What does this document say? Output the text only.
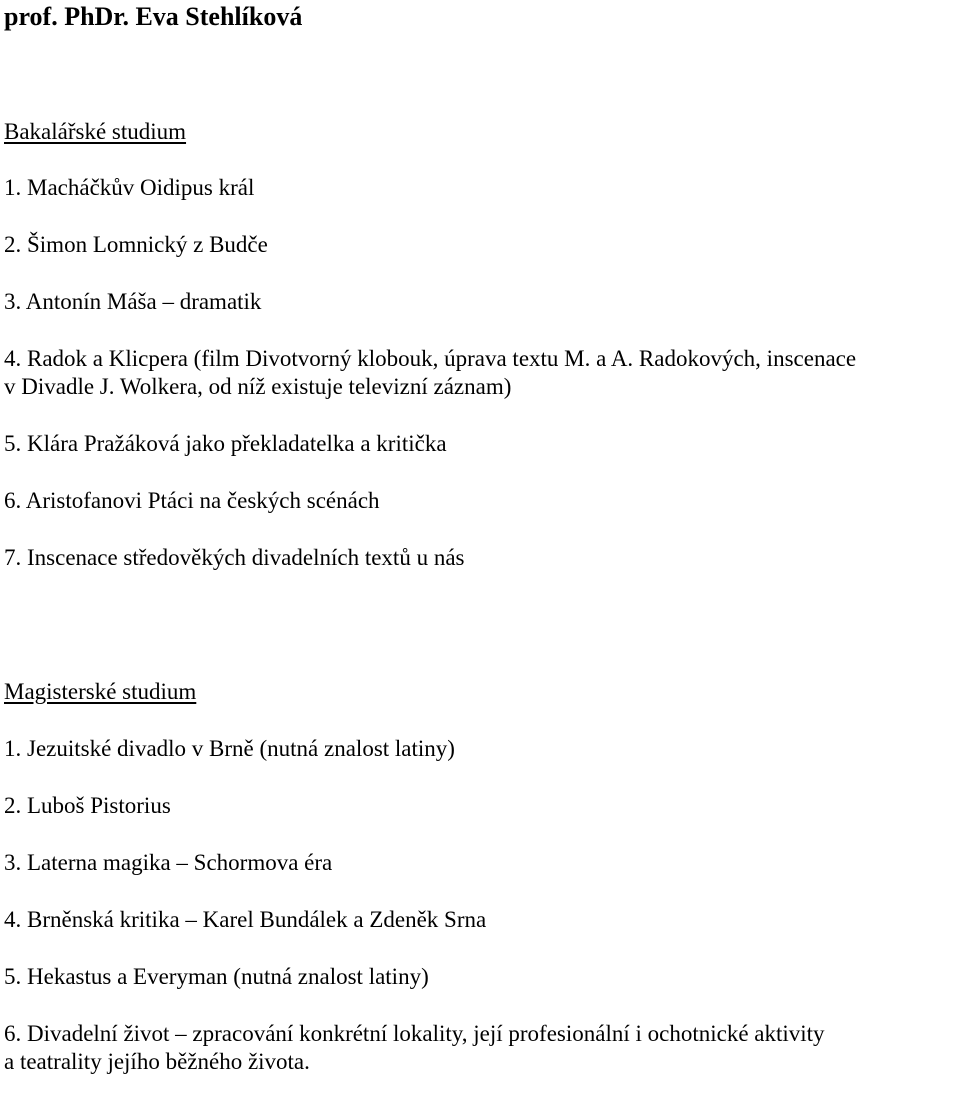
prof. PhDr. Eva Stehlíková
Bakalářské studium
1. Macháčkův Oidipus král
2. Šimon Lomnický z Budče
3. Antonín Máša – dramatik
4. Radok a Klicpera (film Divotvorný klobouk, úprava textu M. a A. Radokových, inscenace
v Divadle J. Wolkera, od níž existuje televizní záznam)
5. Klára Pražáková jako překladatelka a kritička
6. Aristofanovi Ptáci na českých scénách
7. Inscenace středověkých divadelních textů u nás
Magisterské studium
1. Jezuitské divadlo v Brně (nutná znalost latiny)
2. Luboš Pistorius
3. Laterna magika – Schormova éra
4. Brněnská kritika – Karel Bundálek a Zdeněk Srna
5. Hekastus a Everyman (nutná znalost latiny)
6. Divadelní život – zpracování konkrétní lokality, její profesionální i ochotnické aktivity
a teatrality jejího běžného života.
